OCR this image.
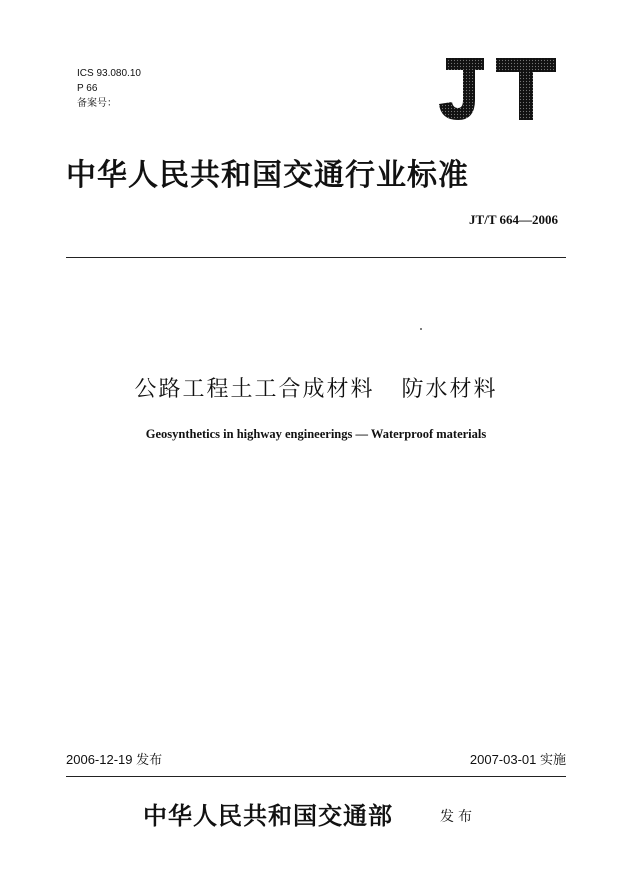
ICS 93.080.10
P 66
备案号：
中华人民共和国交通行业标准
JT/T 664—2006
公路工程土工合成材料   防水材料
Geosynthetics in highway engineerings — Waterproof materials
2006-12-19 发布	2007-03-01 实施
中华人民共和国交通部	发布
